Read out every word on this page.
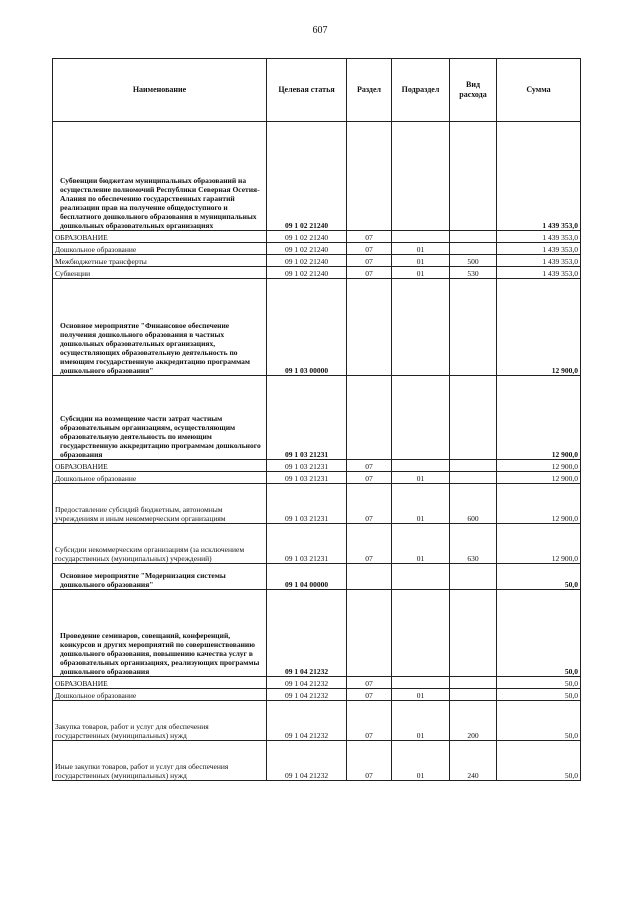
607
Наименование	Целевая статья	Раздел	Подраздел	Вид расхода	Сумма
Субвенции бюджетам муниципальных образований на осуществление полномочий Республики Северная Осетия-Алания по обеспечению государственных гарантий реализации прав на получение общедоступного и бесплатного дошкольного образования в муниципальных дошкольных образовательных организациях	09 1 02 21240				1 439 353,0
ОБРАЗОВАНИЕ	09 1 02 21240	07			1 439 353,0
Дошкольное образование	09 1 02 21240	07	01		1 439 353,0
Межбюджетные трансферты	09 1 02 21240	07	01	500	1 439 353,0
Субвенции	09 1 02 21240	07	01	530	1 439 353,0
Основное мероприятие "Финансовое обеспечение получения дошкольного образования в частных дошкольных образовательных организациях, осуществляющих образовательную деятельность по имеющим государственную аккредитацию программам дошкольного образования"	09 1 03 00000				12 900,0
Субсидии на возмещение части затрат частным образовательным организациям, осуществляющим образовательную деятельность по имеющим государственную аккредитацию программам дошкольного образования	09 1 03 21231				12 900,0
ОБРАЗОВАНИЕ	09 1 03 21231	07			12 900,0
Дошкольное образование	09 1 03 21231	07	01		12 900,0
Предоставление субсидий бюджетным, автономным учреждениям и иным некоммерческим организациям	09 1 03 21231	07	01	600	12 900,0
Субсидии некоммерческим организациям (за исключением государственных (муниципальных) учреждений)	09 1 03 21231	07	01	630	12 900,0
Основное мероприятие "Модернизация системы дошкольного образования"	09 1 04 00000				50,0
Проведение семинаров, совещаний, конференций, конкурсов и других мероприятий по совершенствованию дошкольного образования, повышению качества услуг в образовательных организациях, реализующих программы дошкольного образования	09 1 04 21232				50,0
ОБРАЗОВАНИЕ	09 1 04 21232	07			50,0
Дошкольное образование	09 1 04 21232	07	01		50,0
Закупка товаров, работ и услуг для обеспечения государственных (муниципальных) нужд	09 1 04 21232	07	01	200	50,0
Иные закупки товаров, работ и услуг для обеспечения государственных (муниципальных) нужд	09 1 04 21232	07	01	240	50,0
